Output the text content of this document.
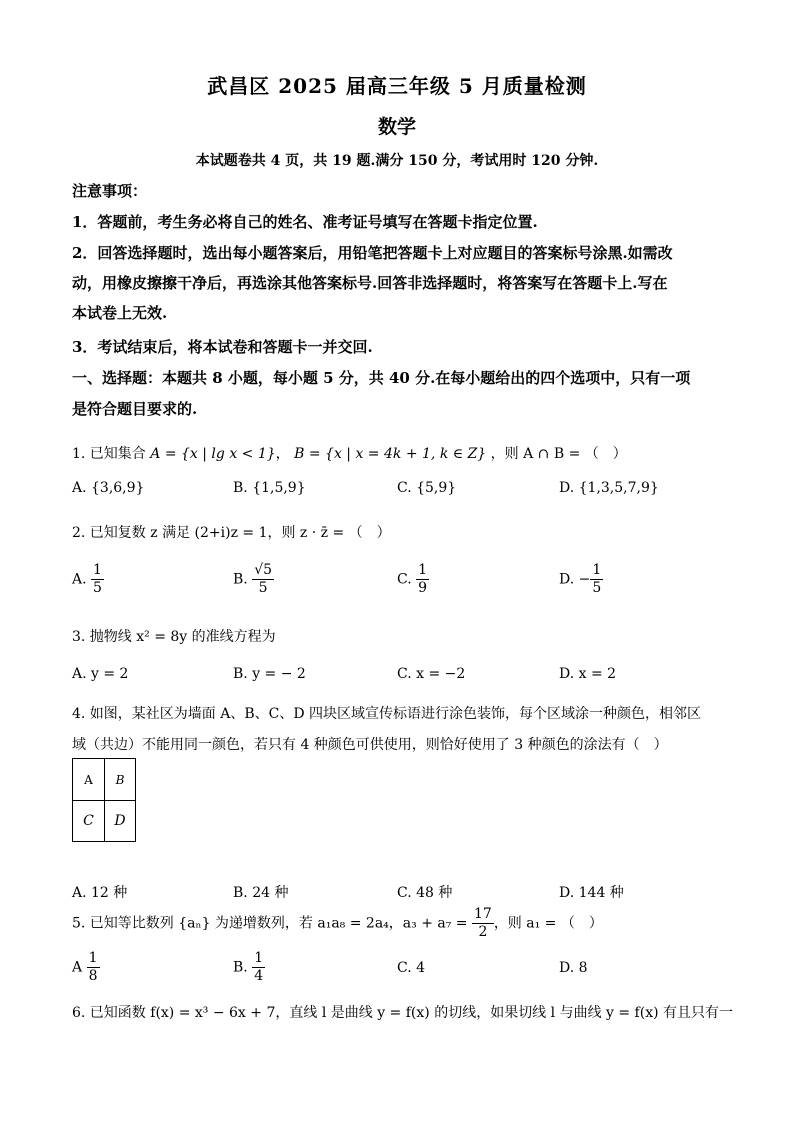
武昌区 2025 届高三年级 5 月质量检测
数学
本试题卷共 4 页，共 19 题.满分 150 分，考试用时 120 分钟.
注意事项：
1．答题前，考生务必将自己的姓名、准考证号填写在答题卡指定位置.
2．回答选择题时，选出每小题答案后，用铅笔把答题卡上对应题目的答案标号涂黑.如需改
动，用橡皮擦擦干净后，再选涂其他答案标号.回答非选择题时，将答案写在答题卡上.写在
本试卷上无效.
3．考试结束后，将本试卷和答题卡一并交回.
一、选择题：本题共 8 小题，每小题 5 分，共 40 分.在每小题给出的四个选项中，只有一项
是符合题目要求的.
1. 已知集合 A = {x | lg x < 1}， B = {x | x = 4k + 1, k ∈ Z} ，则 A ∩ B = （　）
A. {3,6,9}	B. {1,5,9}	C. {5,9}	D. {1,3,5,7,9}
2. 已知复数 z 满足 (2+i)z = 1，则 z · z̄ = （　）
A. $\frac{1}{5}$	B. $\frac{√5}{5}$	C. $\frac{1}{9}$	D. − $\frac{1}{5}$
3. 抛物线 x² = 8y 的准线方程为
A. y = 2	B. y = − 2	C. x = −2	D. x = 2
4. 如图，某社区为墙面 A、B、C、D 四块区域宣传标语进行涂色装饰，每个区域涂一种颜色，相邻区
域（共边）不能用同一颜色，若只有 4 种颜色可供使用，则恰好使用了 3 种颜色的涂法有（　）
A	B
C	D
A. 12 种	B. 24 种	C. 48 种	D. 144 种
5. 已知等比数列 {aₙ} 为递增数列，若 a₁a₈ = 2a₄，$a_3 + a_7 = \frac{17}{2}$ ，则 a₁ = （　）
A $\frac{1}{8}$	B. $\frac{1}{4}$	C. 4	D. 8
6. 已知函数 f(x) = x³ − 6x + 7，直线 l 是曲线 y = f(x) 的切线，如果切线 l 与曲线 y = f(x) 有且只有一
